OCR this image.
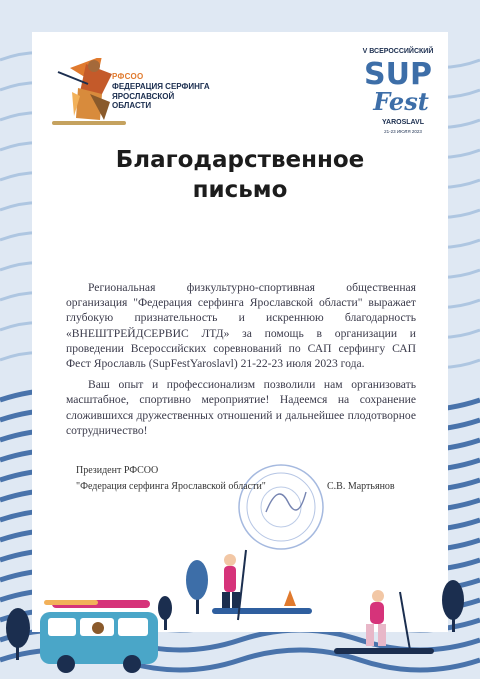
РФСОО
ФЕДЕРАЦИЯ СЕРФИНГА
ЯРОСЛАВСКОЙ
ОБЛАСТИ
V ВСЕРОССИЙСКИЙ
SUP
Fest
YAROSLAVL
21-23 ИЮЛЯ 2023
Благодарственное
письмо

Региональная физкультурно-спортивная общественная организация "Федерация серфинга Ярославской области" выражает глубокую признательность и искреннюю благодарность «ВНЕШТРЕЙДСЕРВИС ЛТД» за помощь в организации и проведении Всероссийских соревнований по САП серфингу САП Фест Ярославль (SupFestYaroslavl) 21-22-23 июля 2023 года.

Ваш опыт и профессионализм позволили нам организовать масштабное, спортивно мероприятие! Надеемся на сохранение сложившихся дружественных отношений и дальнейшее плодотворное сотрудничество!

Президент РФСОО
"Федерация серфинга Ярославской области"	С.В. Мартьянов
